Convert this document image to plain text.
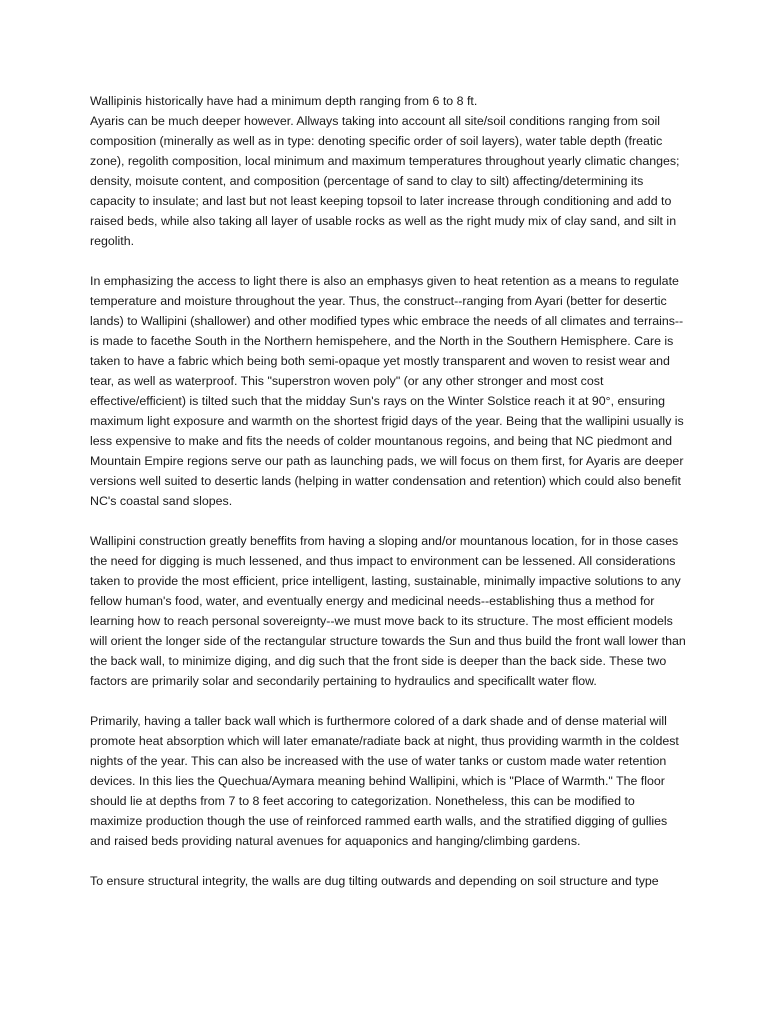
Wallipinis historically have had a minimum depth ranging from 6 to 8 ft.
Ayaris can be much deeper however. Allways taking into account all site/soil conditions ranging from soil composition (minerally as well as in type: denoting specific order of soil layers), water table depth (freatic zone), regolith composition, local minimum and maximum temperatures throughout yearly climatic changes; density, moisute content, and composition (percentage of sand to clay to silt) affecting/determining its capacity to insulate; and last but not least keeping topsoil to later increase through conditioning and add to raised beds, while also taking all layer of usable rocks as well as the right mudy mix of clay sand, and silt in regolith.

In emphasizing the access to light there is also an emphasys given to heat retention as a means to regulate temperature and moisture throughout the year. Thus, the construct--ranging from Ayari (better for desertic lands) to Wallipini (shallower) and other modified types whic embrace the needs of all climates and terrains--is made to facethe South in the Northern hemispehere, and the North in the Southern Hemisphere. Care is taken to have a fabric which being both semi-opaque yet mostly transparent and woven to resist wear and tear, as well as waterproof. This "superstron woven poly" (or any other stronger and most cost effective/efficient) is tilted such that the midday Sun's rays on the Winter Solstice reach it at 90°, ensuring maximum light exposure and warmth on the shortest frigid days of the year. Being that the wallipini usually is less expensive to make and fits the needs of colder mountanous regoins, and being that NC piedmont and Mountain Empire regions serve our path as launching pads, we will focus on them first, for Ayaris are deeper versions well suited to desertic lands (helping in watter condensation and retention) which could also benefit NC's coastal sand slopes.

Wallipini construction greatly beneffits from having a sloping and/or mountanous location, for in those cases the need for digging is much lessened, and thus impact to environment can be lessened. All considerations taken to provide the most efficient, price intelligent, lasting, sustainable, minimally impactive solutions to any fellow human's food, water, and eventually energy and medicinal needs--establishing thus a method for learning how to reach personal sovereignty--we must move back to its structure. The most efficient models will orient the longer side of the rectangular structure towards the Sun and thus build the front wall lower than the back wall, to minimize diging, and dig such that the front side is deeper than the back side. These two factors are primarily solar and secondarily pertaining to hydraulics and specificallt water flow.

Primarily, having a taller back wall which is furthermore colored of a dark shade and of dense material will promote heat absorption which will later emanate/radiate back at night, thus providing warmth in the coldest nights of the year. This can also be increased with the use of water tanks or custom made water retention devices. In this lies the Quechua/Aymara meaning behind Wallipini, which is "Place of Warmth." The floor should lie at depths from 7 to 8 feet accoring to categorization. Nonetheless, this can be modified to maximize production though the use of reinforced rammed earth walls, and the stratified digging of gullies and raised beds providing natural avenues for aquaponics and hanging/climbing gardens.

To ensure structural integrity, the walls are dug tilting outwards and depending on soil structure and type
